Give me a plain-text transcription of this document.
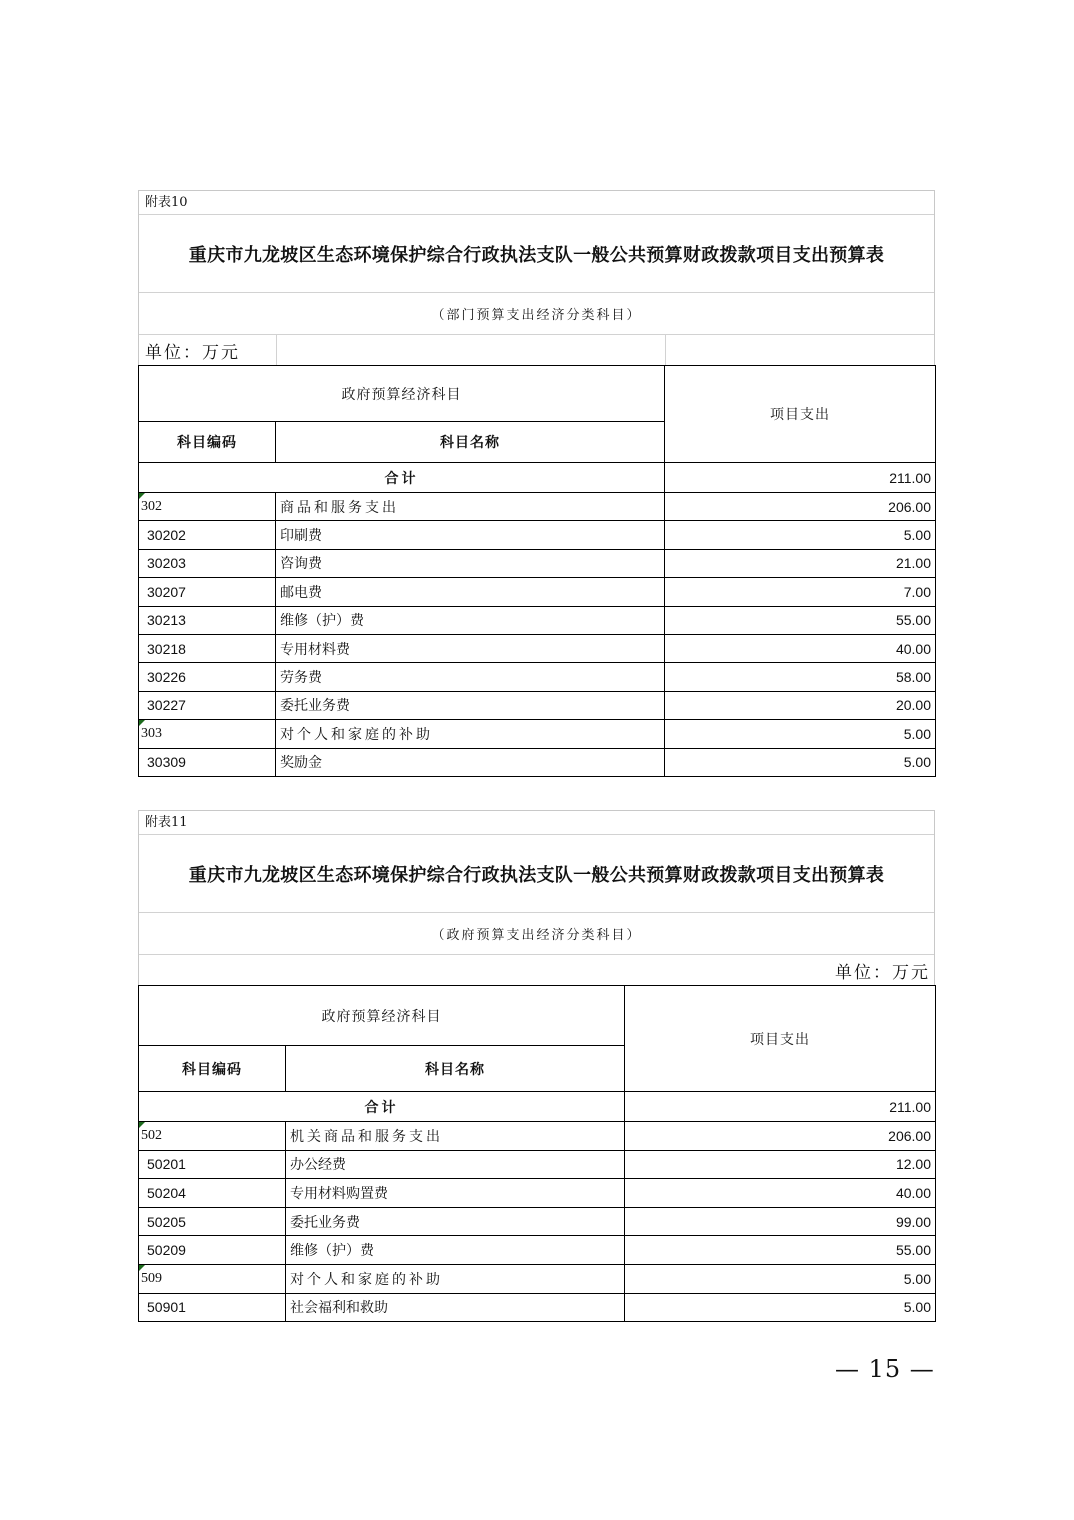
附表10
重庆市九龙坡区生态环境保护综合行政执法支队一般公共预算财政拨款项目支出预算表
（部门预算支出经济分类科目）
单位：万元
政府预算经济科目		项目支出
科目编码	科目名称	
合计		211.00
302	商品和服务支出	206.00
30202	印刷费	5.00
30203	咨询费	21.00
30207	邮电费	7.00
30213	维修（护）费	55.00
30218	专用材料费	40.00
30226	劳务费	58.00
30227	委托业务费	20.00
303	对个人和家庭的补助	5.00
30309	奖励金	5.00
附表11
重庆市九龙坡区生态环境保护综合行政执法支队一般公共预算财政拨款项目支出预算表
（政府预算支出经济分类科目）
单位：万元
政府预算经济科目		项目支出
科目编码	科目名称	
合计		211.00
502	机关商品和服务支出	206.00
50201	办公经费	12.00
50204	专用材料购置费	40.00
50205	委托业务费	99.00
50209	维修（护）费	55.00
509	对个人和家庭的补助	5.00
50901	社会福利和救助	5.00
— 15 —
